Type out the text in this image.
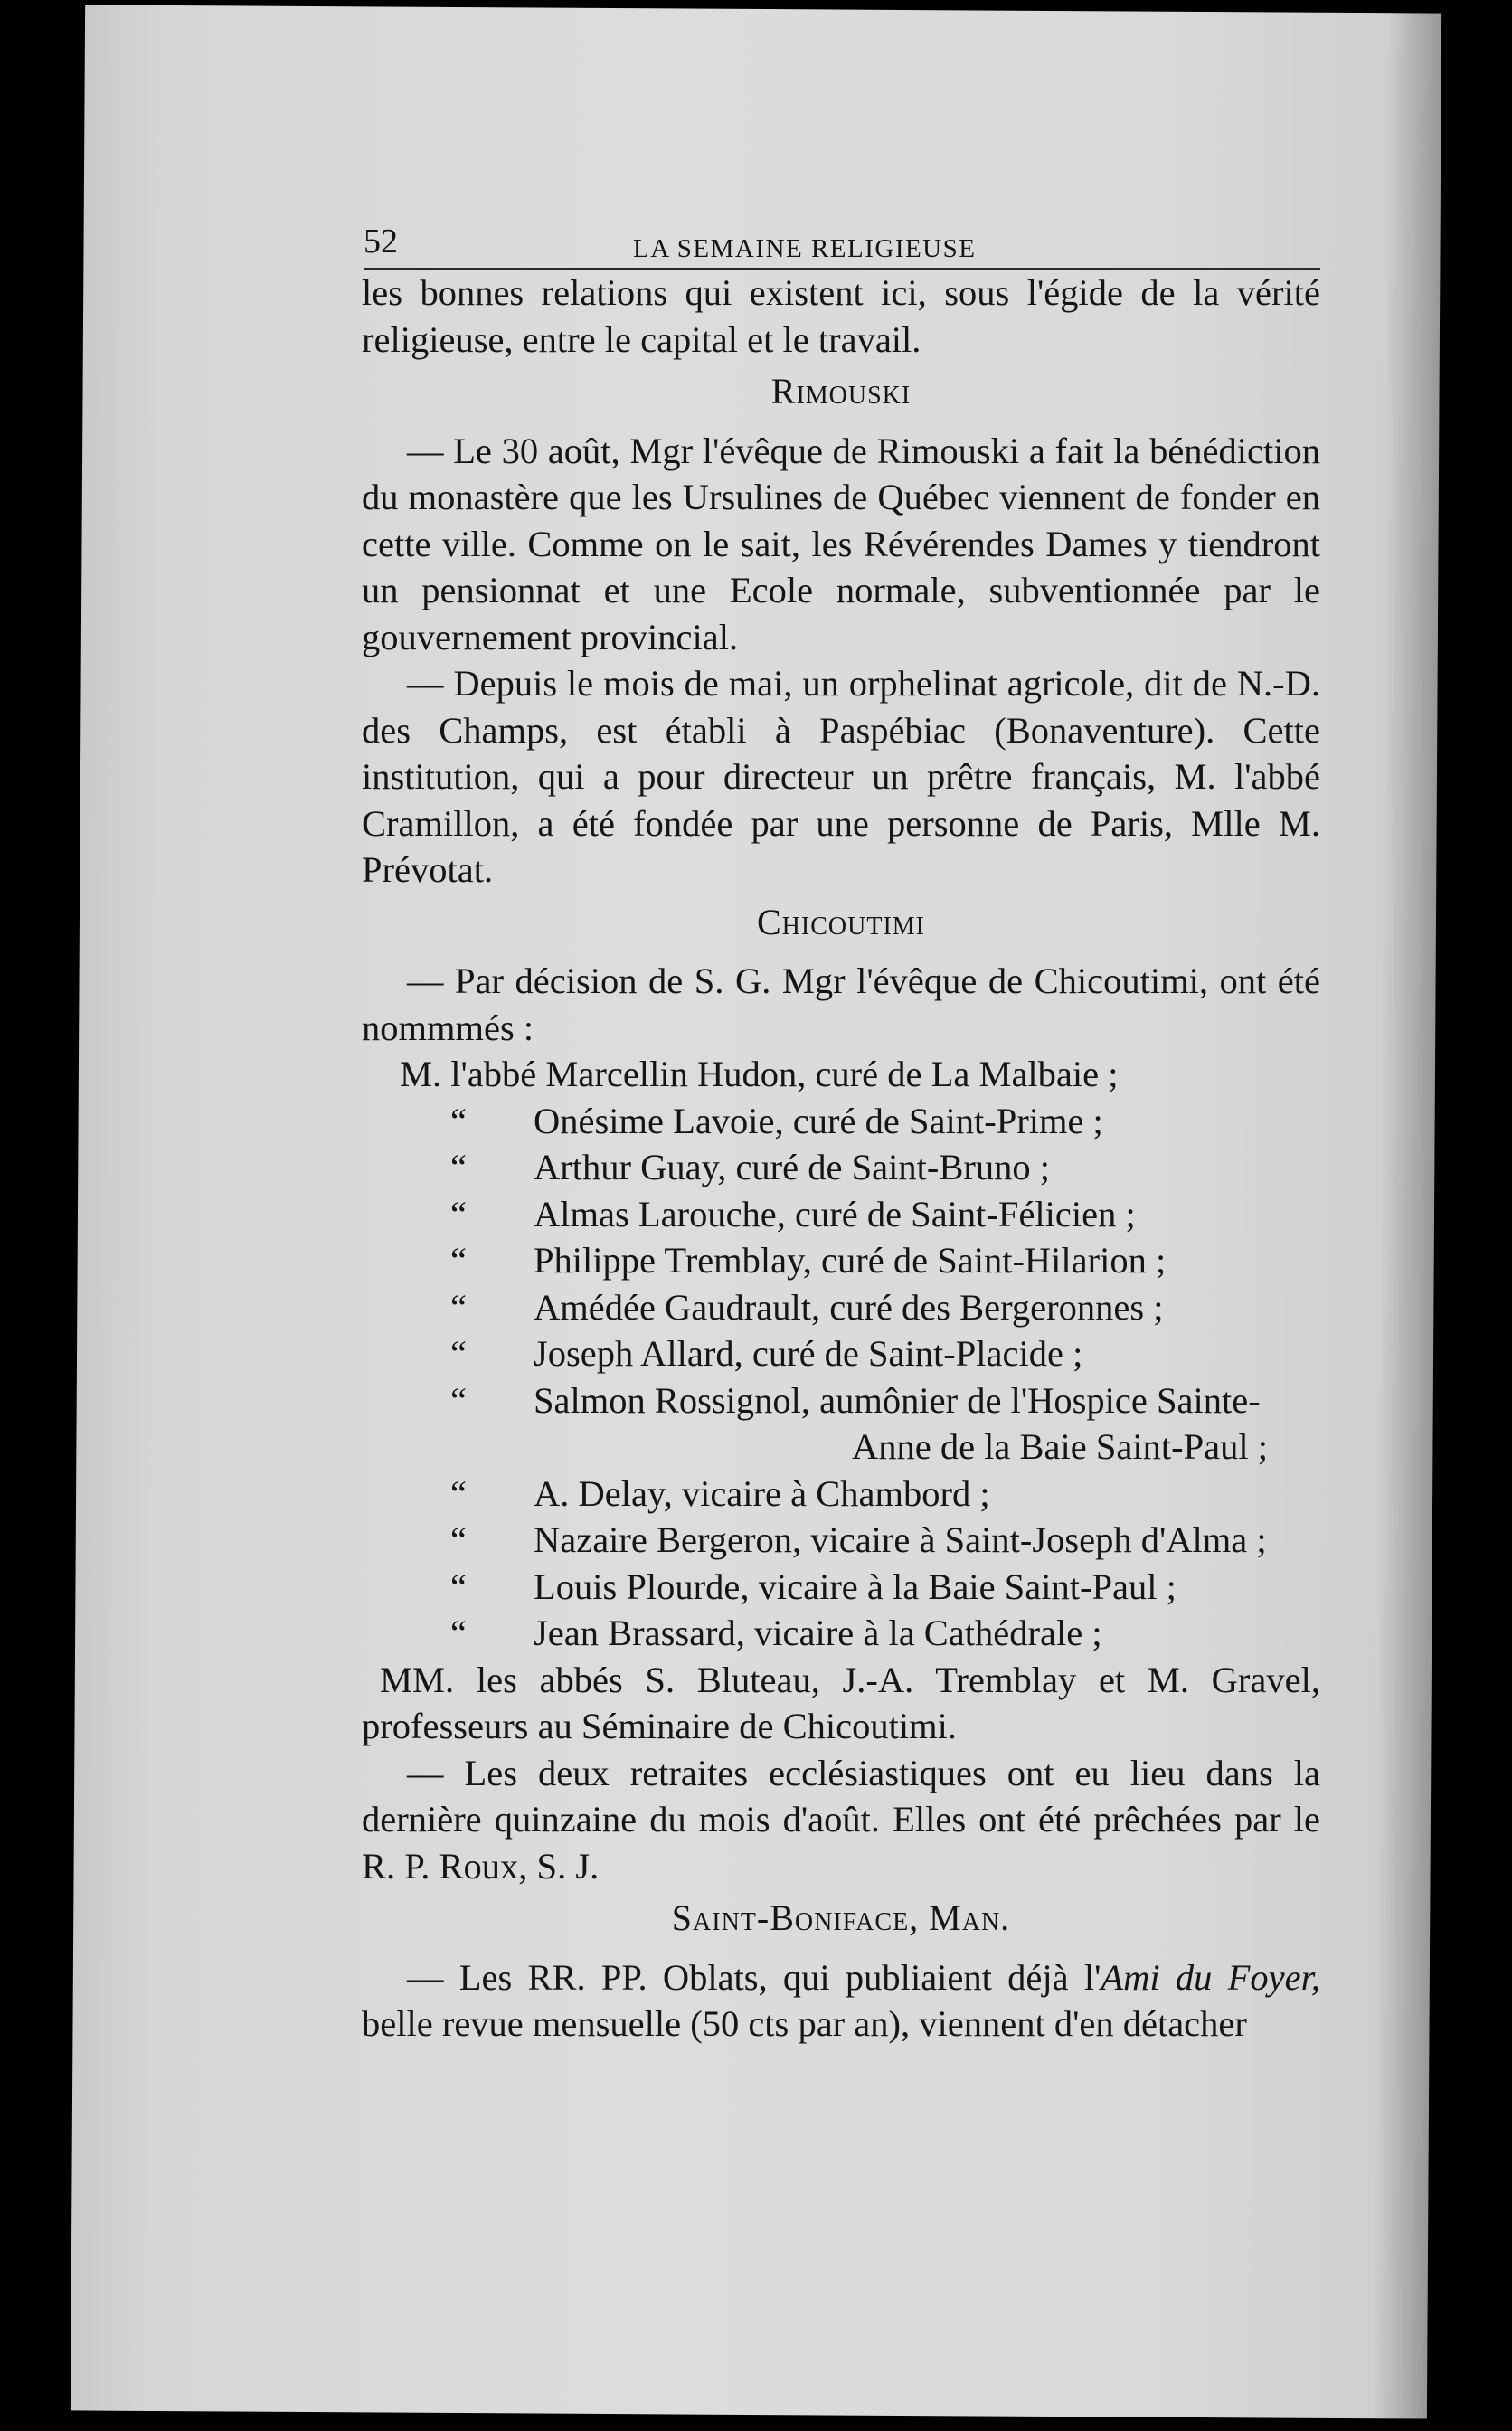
52	LA SEMAINE RELIGIEUSE

les bonnes relations qui existent ici, sous l'égide de la vérité religieuse, entre le capital et le travail.

Rimouski

— Le 30 août, Mgr l'évêque de Rimouski a fait la bénédiction du monastère que les Ursulines de Québec viennent de fonder en cette ville. Comme on le sait, les Révérendes Dames y tiendront un pensionnat et une Ecole normale, subventionnée par le gouvernement provincial.

— Depuis le mois de mai, un orphelinat agricole, dit de N.-D. des Champs, est établi à Paspébiac (Bonaventure). Cette institution, qui a pour directeur un prêtre français, M. l'abbé Cramillon, a été fondée par une personne de Paris, Mlle M. Prévotat.

Chicoutimi

— Par décision de S. G. Mgr l'évêque de Chicoutimi, ont été nommmés :

M. l'abbé Marcellin Hudon, curé de La Malbaie ;

“ Onésime Lavoie, curé de Saint-Prime ;
“ Arthur Guay, curé de Saint-Bruno ;
“ Almas Larouche, curé de Saint-Félicien ;
“ Philippe Tremblay, curé de Saint-Hilarion ;
“ Amédée Gaudrault, curé des Bergeronnes ;
“ Joseph Allard, curé de Saint-Placide ;
“ Salmon Rossignol, aumônier de l'Hospice Sainte-

Anne de la Baie Saint-Paul ;

“ A. Delay, vicaire à Chambord ;
“ Nazaire Bergeron, vicaire à Saint-Joseph d'Alma ;
“ Louis Plourde, vicaire à la Baie Saint-Paul ;
“ Jean Brassard, vicaire à la Cathédrale ;

MM. les abbés S. Bluteau, J.-A. Tremblay et M. Gravel, professeurs au Séminaire de Chicoutimi.

— Les deux retraites ecclésiastiques ont eu lieu dans la dernière quinzaine du mois d'août. Elles ont été prêchées par le R. P. Roux, S. J.

Saint-Boniface, Man.

— Les RR. PP. Oblats, qui publiaient déjà l'Ami du Foyer, belle revue mensuelle (50 cts par an), viennent d'en détacher
